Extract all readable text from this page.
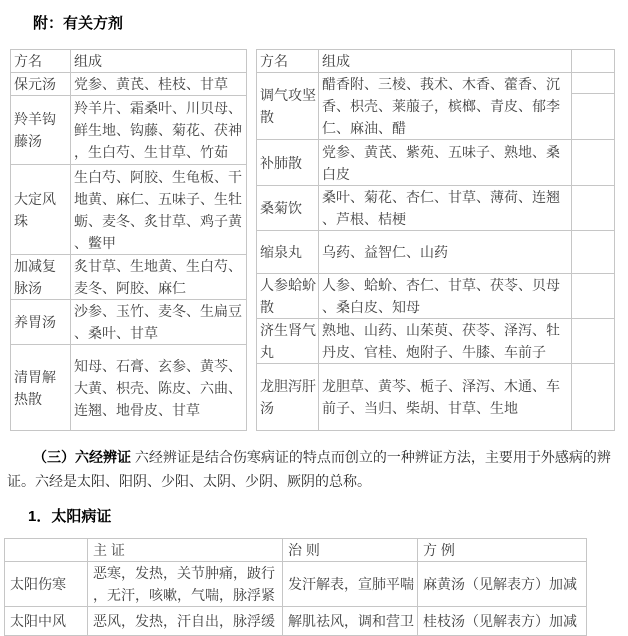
附：有关方剂
方名	组成
保元汤	党参、黄芪、桂枝、甘草
羚羊钩藤汤	羚羊片、霜桑叶、川贝母、鲜生地、钩藤、菊花、茯神，生白芍、生甘草、竹茹
大定风珠	生白芍、阿胶、生龟板、干地黄、麻仁、五味子、生牡蛎、麦冬、炙甘草、鸡子黄、鳖甲
加减复脉汤	炙甘草、生地黄、生白芍、麦冬、阿胶、麻仁
养胃汤	沙参、玉竹、麦冬、生扁豆、桑叶、甘草
清胃解热散	知母、石膏、玄参、黄芩、大黄、枳壳、陈皮、六曲、连翘、地骨皮、甘草
方名	组成	
调气攻坚散	醋香附、三棱、莪术、木香、藿香、沉香、枳壳、莱菔子，槟榔、青皮、郁李仁、麻油、醋	
补肺散	党参、黄芪、紫苑、五味子、熟地、桑白皮	
桑菊饮	桑叶、菊花、杏仁、甘草、薄荷、连翘、芦根、桔梗	
缩泉丸	乌药、益智仁、山药	
人参蛤蚧散	人参、蛤蚧、杏仁、甘草、茯苓、贝母、桑白皮、知母	
济生肾气丸	熟地、山药、山茱萸、茯苓、泽泻、牡丹皮、官桂、炮附子、牛膝、车前子	
龙胆泻肝汤	龙胆草、黄芩、栀子、泽泻、木通、车前子、当归、柴胡、甘草、生地	

（三）六经辨证 六经辨证是结合伤寒病证的特点而创立的一种辨证方法，主要用于外感病的辨证。六经是太阳、阳阴、少阳、太阴、少阴、厥阴的总称。

1．太阳病证
	主 证	治 则	方 例
太阳伤寒	恶寒，发热，关节肿痛，跛行，无汗，咳嗽，气喘，脉浮紧	发汗解表，宣肺平喘	麻黄汤（见解表方）加减
太阳中风	恶风，发热，汗自出，脉浮缓	解肌祛风，调和营卫	桂枝汤（见解表方）加减
